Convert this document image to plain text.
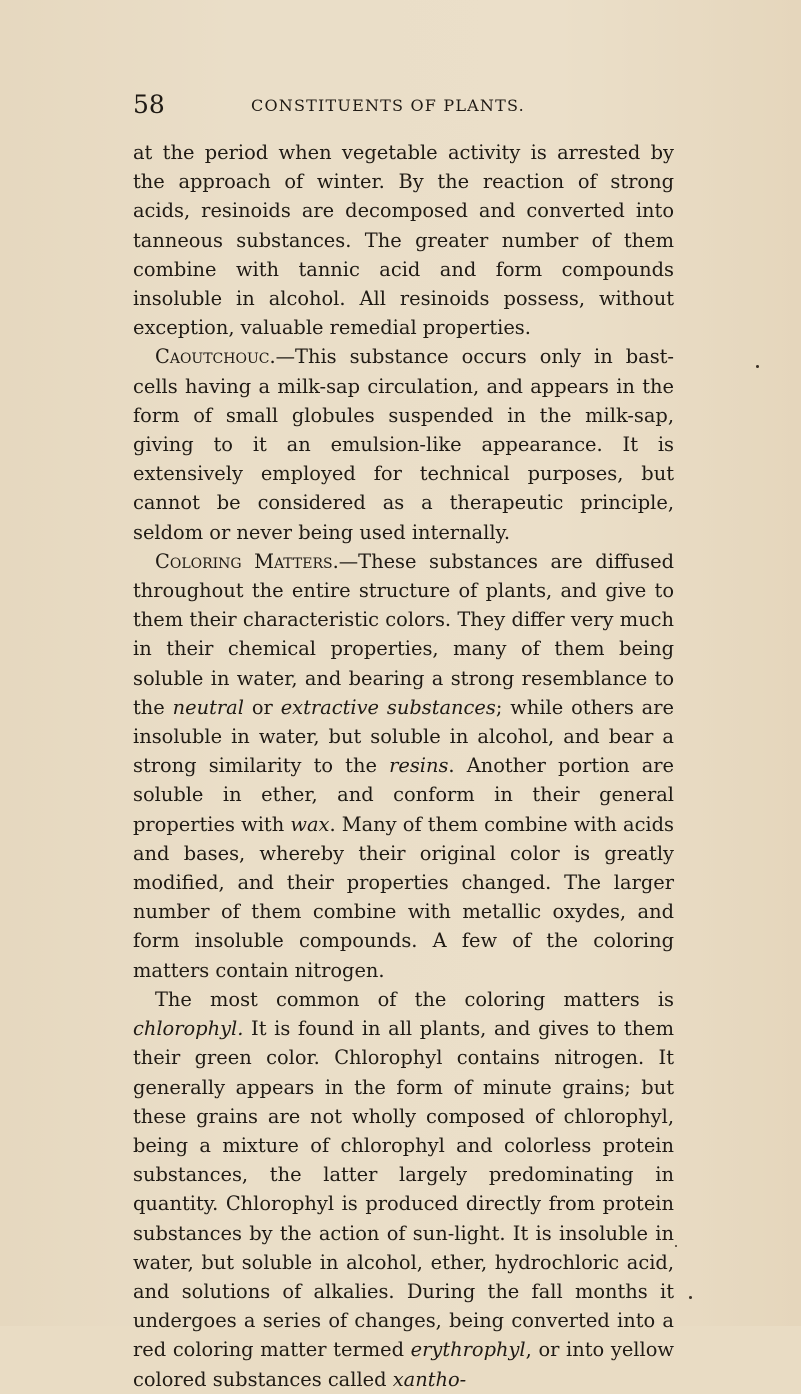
58	CONSTITUENTS OF PLANTS.

at the period when vegetable activity is arrested by the approach of winter. By the reaction of strong acids, resinoids are decomposed and converted into tanneous substances. The greater number of them combine with tannic acid and form compounds insoluble in alcohol. All resinoids possess, without exception, valuable remedial properties.

Caoutchouc.—This substance occurs only in bast-cells having a milk-sap circulation, and appears in the form of small globules suspended in the milk-sap, giving to it an emulsion-like appearance. It is extensively employed for technical purposes, but cannot be considered as a therapeutic principle, seldom or never being used internally.

Coloring Matters.—These substances are diffused throughout the entire structure of plants, and give to them their characteristic colors. They differ very much in their chemical properties, many of them being soluble in water, and bearing a strong resemblance to the neutral or extractive substances; while others are insoluble in water, but soluble in alcohol, and bear a strong similarity to the resins. Another portion are soluble in ether, and conform in their general properties with wax. Many of them combine with acids and bases, whereby their original color is greatly modified, and their properties changed. The larger number of them combine with metallic oxydes, and form insoluble compounds. A few of the coloring matters contain nitrogen.

The most common of the coloring matters is chlorophyl. It is found in all plants, and gives to them their green color. Chlorophyl contains nitrogen. It generally appears in the form of minute grains; but these grains are not wholly composed of chlorophyl, being a mixture of chlorophyl and colorless protein substances, the latter largely predominating in quantity. Chlorophyl is produced directly from protein substances by the action of sun-light. It is insoluble in water, but soluble in alcohol, ether, hydrochloric acid, and solutions of alkalies. During the fall months it undergoes a series of changes, being converted into a red coloring matter termed erythrophyl, or into yellow colored substances called xantho-
